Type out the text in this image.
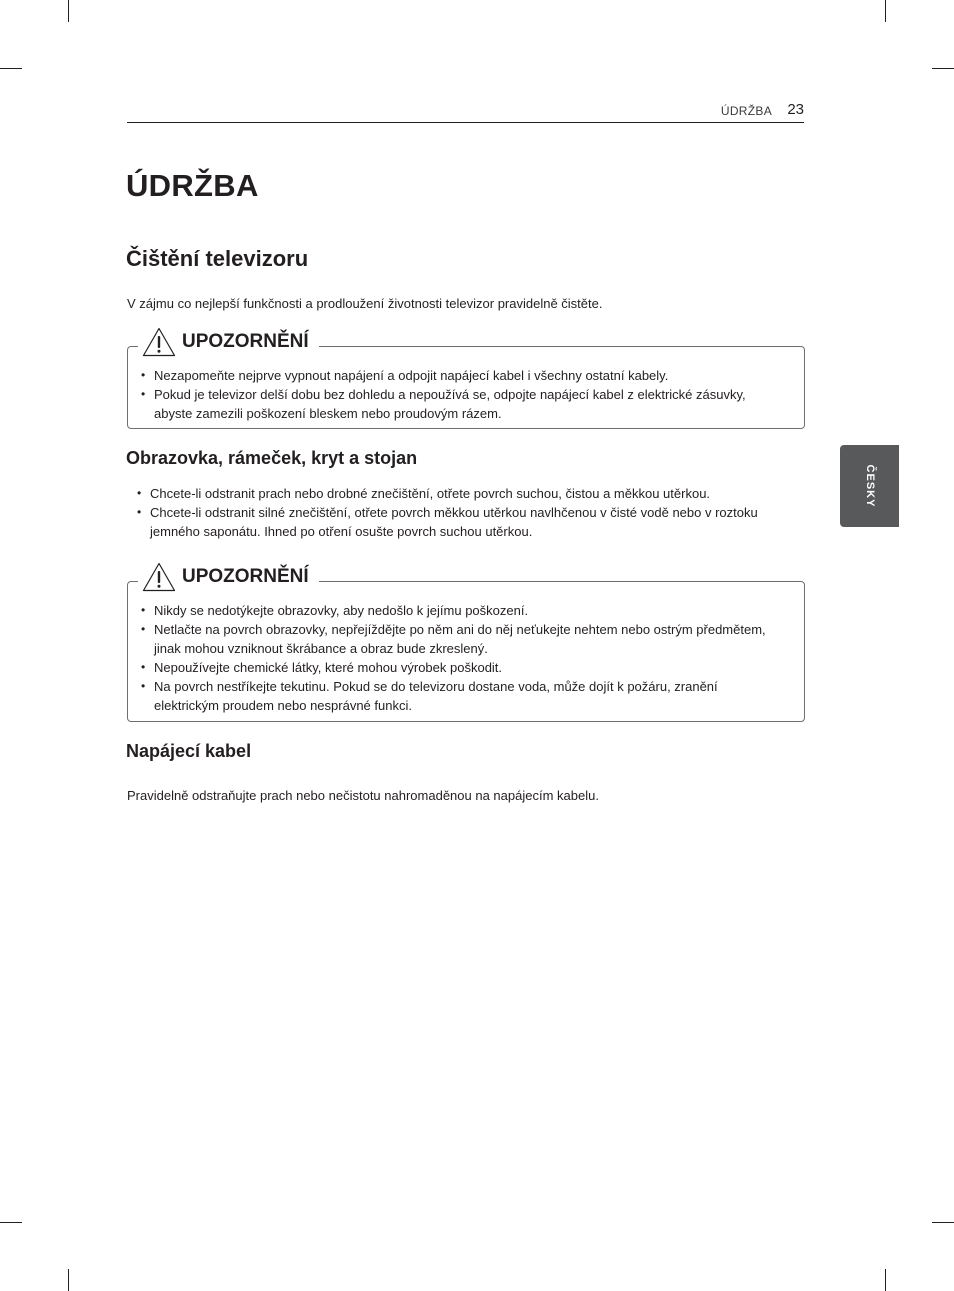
ÚDRŽBA 23
ČESKY
ÚDRŽBA
Čištění televizoru

V zájmu co nejlepší funkčnosti a prodloužení životnosti televizor pravidelně čistěte.

UPOZORNĚNÍ
• Nezapomeňte nejprve vypnout napájení a odpojit napájecí kabel i všechny ostatní kabely.
• Pokud je televizor delší dobu bez dohledu a nepoužívá se, odpojte napájecí kabel z elektrické zásuvky, abyste zamezili poškození bleskem nebo proudovým rázem.
Obrazovka, rámeček, kryt a stojan
• Chcete-li odstranit prach nebo drobné znečištění, otřete povrch suchou, čistou a měkkou utěrkou.
• Chcete-li odstranit silné znečištění, otřete povrch měkkou utěrkou navlhčenou v čisté vodě nebo v roztoku jemného saponátu. Ihned po otření osušte povrch suchou utěrkou.
UPOZORNĚNÍ
• Nikdy se nedotýkejte obrazovky, aby nedošlo k jejímu poškození.
• Netlačte na povrch obrazovky, nepřejíždějte po něm ani do něj neťukejte nehtem nebo ostrým předmětem, jinak mohou vzniknout škrábance a obraz bude zkreslený.
• Nepoužívejte chemické látky, které mohou výrobek poškodit.
• Na povrch nestříkejte tekutinu. Pokud se do televizoru dostane voda, může dojít k požáru, zranění elektrickým proudem nebo nesprávné funkci.
Napájecí kabel

Pravidelně odstraňujte prach nebo nečistotu nahromaděnou na napájecím kabelu.
